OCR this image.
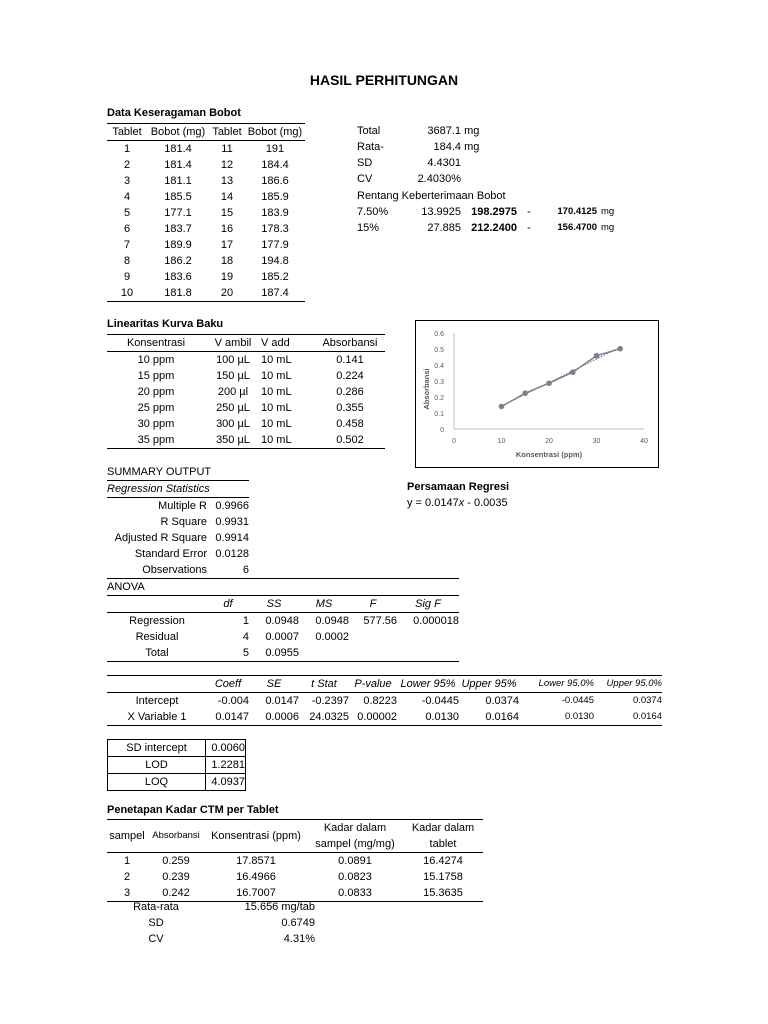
HASIL PERHITUNGAN
Data Keseragaman Bobot
Tablet	Bobot (mg)	Tablet	Bobot (mg)
1	181.4	11	191
2	181.4	12	184.4
3	181.1	13	186.6
4	185.5	14	185.9
5	177.1	15	183.9
6	183.7	16	178.3
7	189.9	17	177.9
8	186.2	18	194.8
9	183.6	19	185.2
10	181.8	20	187.4
Total	3687.1	mg
Rata-	184.4	mg
SD	4.4301	
CV	2.4030%	
Rentang Keberterimaan Bobot
7.50%	13.9925	198.2975	-	170.4125	mg
15%	27.885	212.2400	-	156.4700	mg
Linearitas Kurva Baku
Konsentrasi	V ambil	V add	Absorbansi
10 ppm	100 µL	10 mL	0.141
15 ppm	150 µL	10 mL	0.224
20 ppm	200 µl	10 mL	0.286
25 ppm	250 µL	10 mL	0.355
30 ppm	300 µL	10 mL	0.458
35 ppm	350 µL	10 mL	0.502
0
0.1
0.2
0.3
0.4
0.5
0.6
0	10	20	30	40
Konsentrasi (ppm)
Absorbansi
Persamaan Regresi
y = 0.0147x - 0.0035
SUMMARY OUTPUT	
Regression Statistics	
Multiple R	0.9966
R Square	0.9931
Adjusted R Square	0.9914
Standard Error	0.0128
Observations	6
ANOVA					
	df	SS	MS	F	Sig F
Regression	1	0.0948	0.0948	577.56	0.000018
Residual	4	0.0007	0.0002		
Total	5	0.0955			
	Coeff	SE	t Stat	P-value	Lower 95%	Upper 95%	Lower 95.0%	Upper 95.0%
Intercept	-0.004	0.0147	-0.2397	0.8223	-0.0445	0.0374	-0.0445	0.0374
X Variable 1	0.0147	0.0006	24.0325	0.00002	0.0130	0.0164	0.0130	0.0164
SD intercept	0.0060
LOD	1.2281
LOQ	4.0937
Penetapan Kadar CTM per Tablet
sampel	Absorbansi	Konsentrasi (ppm)	Kadar dalam	Kadar dalam
			sampel (mg/mg)	tablet
1	0.259	17.8571	0.0891	16.4274
2	0.239	16.4966	0.0823	15.1758
3	0.242	16.7007	0.0833	15.3635
Rata-rata	15.656 mg/tab
SD	0.6749
CV	4.31%
